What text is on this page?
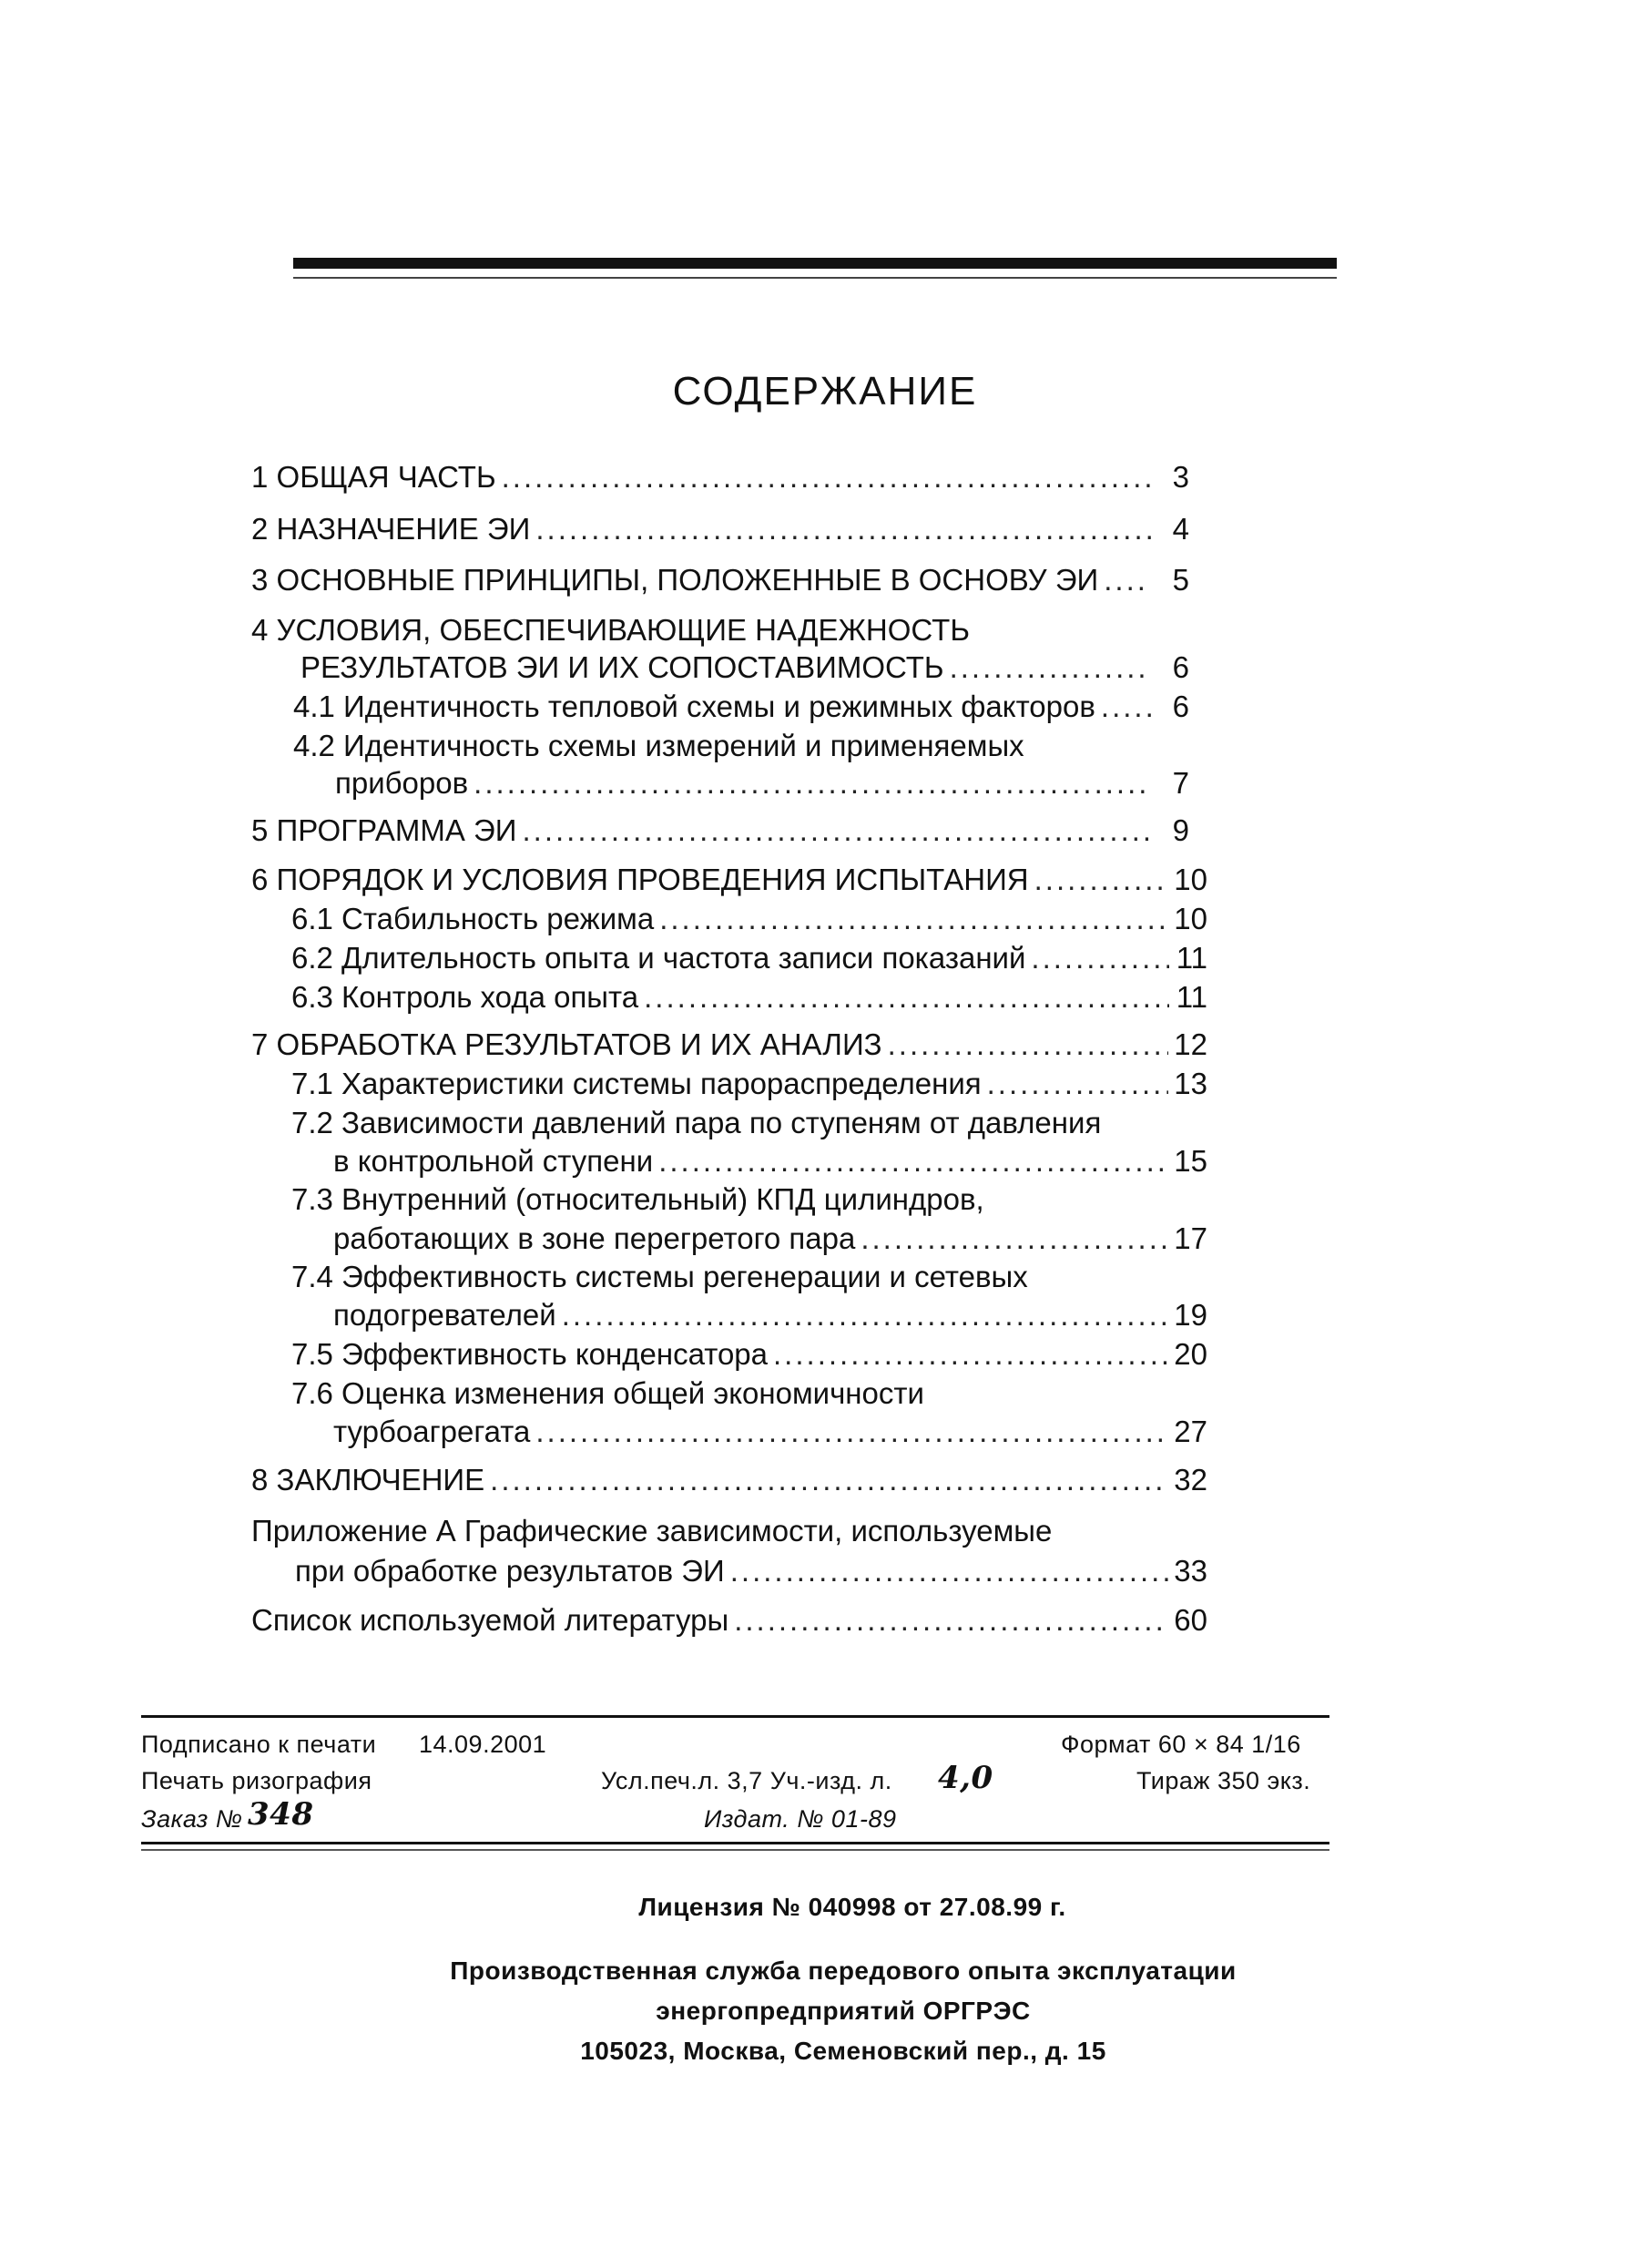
СОДЕРЖАНИЕ
1 ОБЩАЯ ЧАСТЬ .....	3
2 НАЗНАЧЕНИЕ ЭИ .....	4
3 ОСНОВНЫЕ ПРИНЦИПЫ, ПОЛОЖЕННЫЕ В ОСНОВУ ЭИ .....	5
4 УСЛОВИЯ, ОБЕСПЕЧИВАЮЩИЕ НАДЕЖНОСТЬ
РЕЗУЛЬТАТОВ ЭИ И ИХ СОПОСТАВИМОСТЬ .....	6
4.1 Идентичность тепловой схемы и режимных факторов .....	6
4.2 Идентичность схемы измерений и применяемых
приборов .....	7
5 ПРОГРАММА ЭИ .....	9
6 ПОРЯДОК И УСЛОВИЯ ПРОВЕДЕНИЯ ИСПЫТАНИЯ .....	10
6.1 Стабильность режима .....	10
6.2 Длительность опыта и частота записи показаний .....	11
6.3 Контроль хода опыта .....	11
7 ОБРАБОТКА РЕЗУЛЬТАТОВ И ИХ АНАЛИЗ .....	12
7.1 Характеристики системы парораспределения .....	13
7.2 Зависимости давлений пара по ступеням от давления
в контрольной ступени .....	15
7.3 Внутренний (относительный) КПД цилиндров,
работающих в зоне перегретого пара .....	17
7.4 Эффективность системы регенерации и сетевых
подогревателей .....	19
7.5 Эффективность конденсатора .....	20
7.6 Оценка изменения общей экономичности
турбоагрегата .....	27
8 ЗАКЛЮЧЕНИЕ .....	32
Приложение А Графические зависимости, используемые
при обработке результатов ЭИ .....	33
Список используемой литературы .....	60
Подписано к печати 14.09.2001	Формат 60 × 84 1/16
Печать ризография	Усл.печ.л. 3,7 Уч.-изд. л. 4,0	Тираж 350 экз.
Заказ № 348	Издат. № 01-89
Лицензия № 040998 от 27.08.99 г.
Производственная служба передового опыта эксплуатации
энергопредприятий ОРГРЭС
105023, Москва, Семеновский пер., д. 15
